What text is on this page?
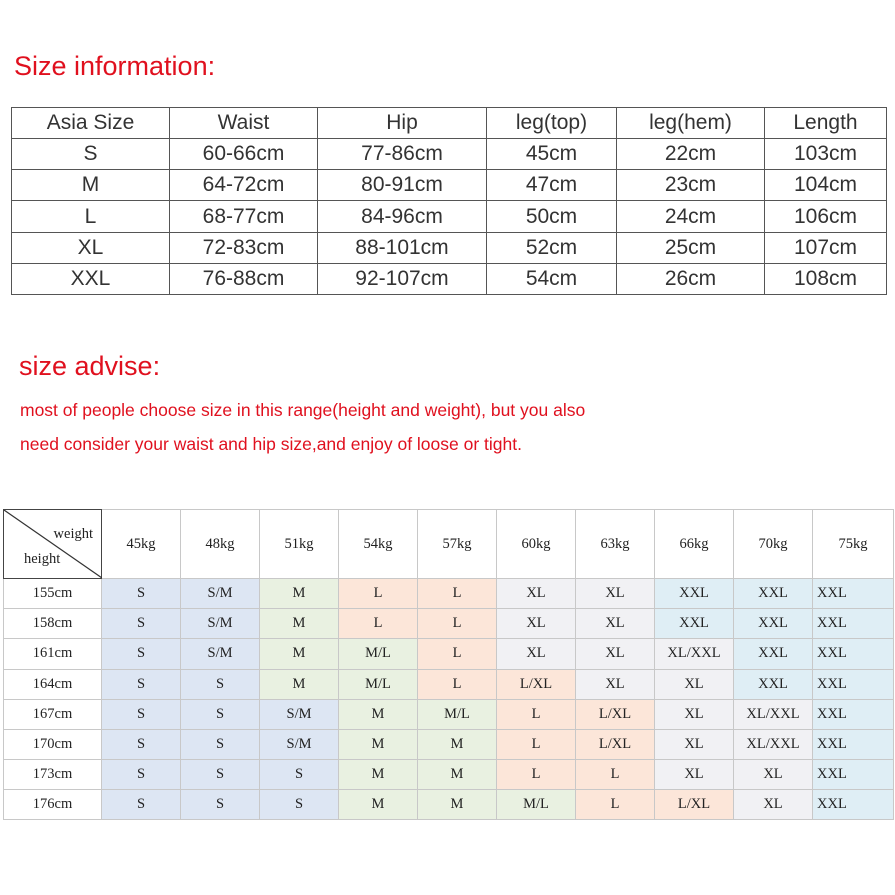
Size information:
Asia Size	Waist	Hip	leg(top)	leg(hem)	Length
S	60-66cm	77-86cm	45cm	22cm	103cm
M	64-72cm	80-91cm	47cm	23cm	104cm
L	68-77cm	84-96cm	50cm	24cm	106cm
XL	72-83cm	88-101cm	52cm	25cm	107cm
XXL	76-88cm	92-107cm	54cm	26cm	108cm
size advise:

most of people choose size in this range(height and weight), but you also

need consider your waist and hip size,and enjoy of loose or tight.

weight
height	45kg	48kg	51kg	54kg	57kg	60kg	63kg	66kg	70kg	75kg
155cm	S	S/M	M	L	L	XL	XL	XXL	XXL	XXL
158cm	S	S/M	M	L	L	XL	XL	XXL	XXL	XXL
161cm	S	S/M	M	M/L	L	XL	XL	XL/XXL	XXL	XXL
164cm	S	S	M	M/L	L	L/XL	XL	XL	XXL	XXL
167cm	S	S	S/M	M	M/L	L	L/XL	XL	XL/XXL	XXL
170cm	S	S	S/M	M	M	L	L/XL	XL	XL/XXL	XXL
173cm	S	S	S	M	M	L	L	XL	XL	XXL
176cm	S	S	S	M	M	M/L	L	L/XL	XL	XXL
